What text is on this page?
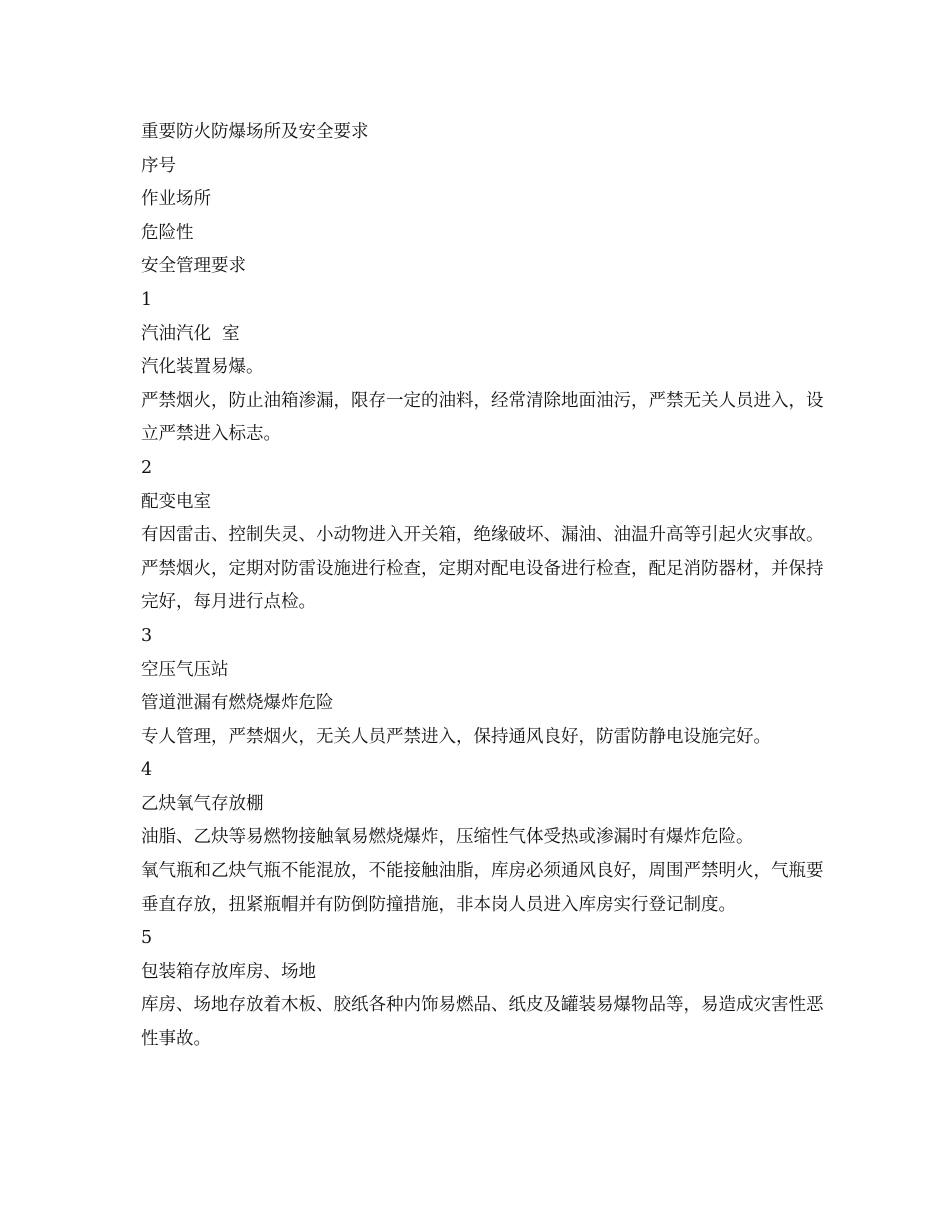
重要防火防爆场所及安全要求

序号

作业场所

危险性

安全管理要求

1

汽油汽化  室

汽化装置易爆。

严禁烟火，防止油箱渗漏，限存一定的油料，经常清除地面油污，严禁无关人员进入，设立严禁进入标志。

2

配变电室

有因雷击、控制失灵、小动物进入开关箱，绝缘破坏、漏油、油温升高等引起火灾事故。

严禁烟火，定期对防雷设施进行检查，定期对配电设备进行检查，配足消防器材，并保持完好，每月进行点检。

3

空压气压站

管道泄漏有燃烧爆炸危险

专人管理，严禁烟火，无关人员严禁进入，保持通风良好，防雷防静电设施完好。

4

乙炔氧气存放棚

油脂、乙炔等易燃物接触氧易燃烧爆炸，压缩性气体受热或渗漏时有爆炸危险。

氧气瓶和乙炔气瓶不能混放，不能接触油脂，库房必须通风良好，周围严禁明火，气瓶要垂直存放，扭紧瓶帽并有防倒防撞措施，非本岗人员进入库房实行登记制度。

5

包装箱存放库房、场地

库房、场地存放着木板、胶纸各种内饰易燃品、纸皮及罐装易爆物品等，易造成灾害性恶性事故。
